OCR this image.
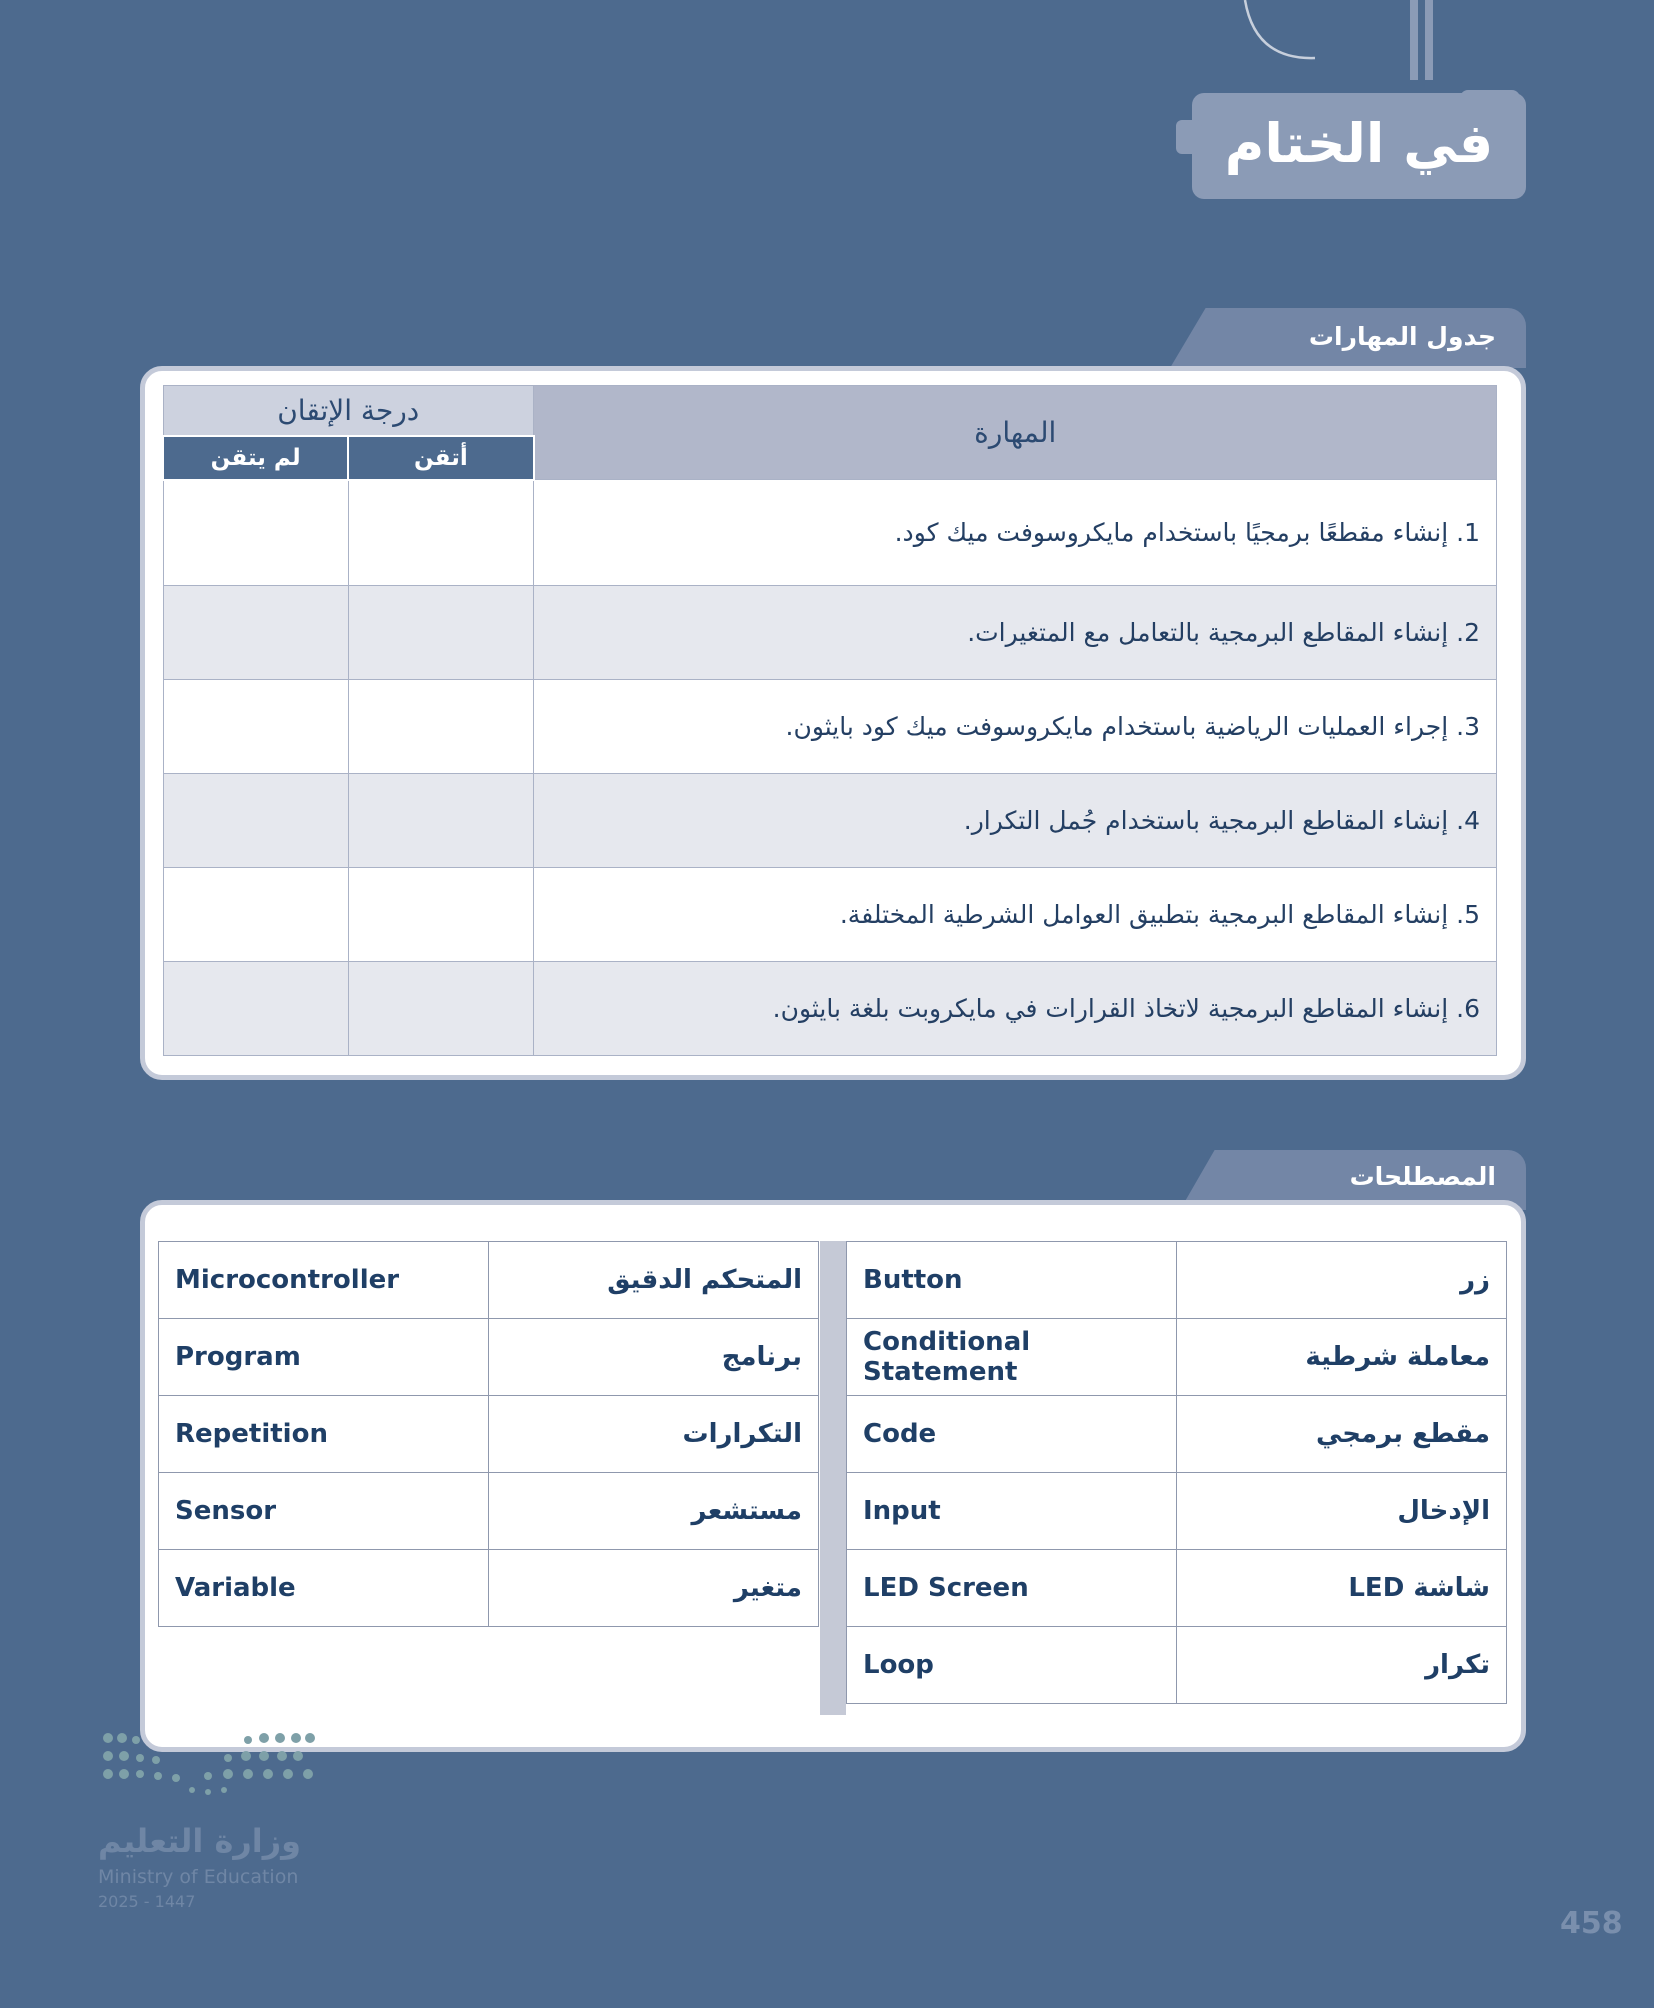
في الختام
جدول المهارات
المهارة	درجة الإتقان	
	أتقن	لم يتقن
1. إنشاء مقطعًا برمجيًا باستخدام مايكروسوفت ميك كود.		
2. إنشاء المقاطع البرمجية بالتعامل مع المتغيرات.		
3. إجراء العمليات الرياضية باستخدام مايكروسوفت ميك كود بايثون.		
4. إنشاء المقاطع البرمجية باستخدام جُمل التكرار.		
5. إنشاء المقاطع البرمجية بتطبيق العوامل الشرطية المختلفة.		
6. إنشاء المقاطع البرمجية لاتخاذ القرارات في مايكروبت بلغة بايثون.		
المصطلحات
Microcontroller	المتحكم الدقيق
Program	برنامج
Repetition	التكرارات
Sensor	مستشعر
Variable	متغير
Button	زر
Conditional Statement	معاملة شرطية
Code	مقطع برمجي
Input	الإدخال
LED Screen	شاشة LED
Loop	تكرار
وزارة التعليم
Ministry of Education
2025 - 1447
458
